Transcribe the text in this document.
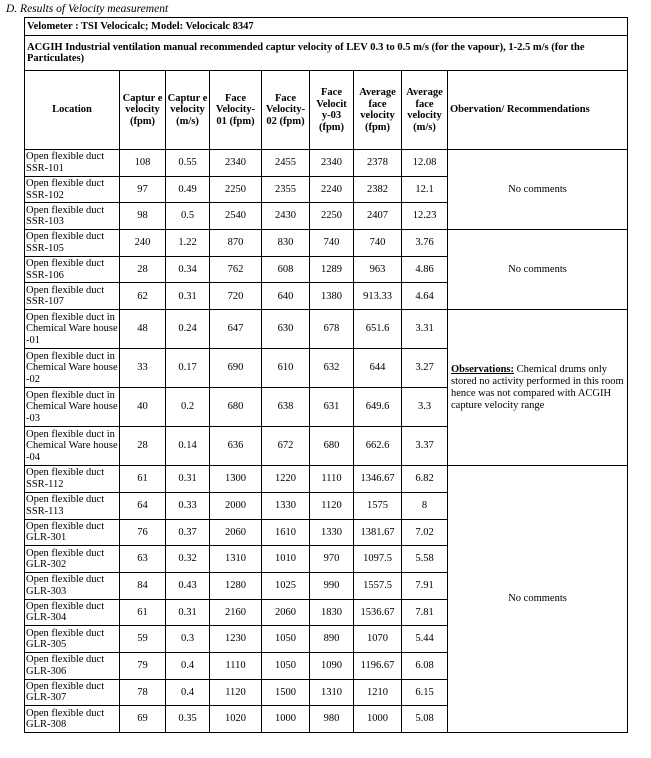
D. Results of Velocity measurement
Velometer : TSI Velocicalc; Model: Velocicalc 8347								
ACGIH Industrial ventilation manual recommended captur velocity of LEV 0.3 to 0.5 m/s (for the vapour), 1-2.5 m/s (for the Particulates)								
Location	Captur e velocity (fpm)	Captur e velocity (m/s)	Face Velocity-01 (fpm)	Face Velocity-02 (fpm)	Face Velocit y-03 (fpm)	Average face velocity (fpm)	Average face velocity (m/s)	Obervation/ Recommendations
Open flexible duct SSR-101	108	0.55	2340	2455	2340	2378	12.08	No comments
Open flexible duct SSR-102	97	0.49	2250	2355	2240	2382	12.1	
Open flexible duct SSR-103	98	0.5	2540	2430	2250	2407	12.23	
Open flexible duct SSR-105	240	1.22	870	830	740	740	3.76	No comments
Open flexible duct SSR-106	28	0.34	762	608	1289	963	4.86	
Open flexible duct SSR-107	62	0.31	720	640	1380	913.33	4.64	
Open flexible duct in Chemical Ware house -01	48	0.24	647	630	678	651.6	3.31	Observations: Chemical drums only stored no activity performed in this room hence was not compared with ACGIH capture velocity range
Open flexible duct in Chemical Ware house -02	33	0.17	690	610	632	644	3.27	
Open flexible duct in Chemical Ware house -03	40	0.2	680	638	631	649.6	3.3	
Open flexible duct in Chemical Ware house -04	28	0.14	636	672	680	662.6	3.37	
Open flexible duct SSR-112	61	0.31	1300	1220	1110	1346.67	6.82	No comments
Open flexible duct SSR-113	64	0.33	2000	1330	1120	1575	8	
Open flexible duct GLR-301	76	0.37	2060	1610	1330	1381.67	7.02	
Open flexible duct GLR-302	63	0.32	1310	1010	970	1097.5	5.58	
Open flexible duct GLR-303	84	0.43	1280	1025	990	1557.5	7.91	
Open flexible duct GLR-304	61	0.31	2160	2060	1830	1536.67	7.81	
Open flexible duct GLR-305	59	0.3	1230	1050	890	1070	5.44	
Open flexible duct GLR-306	79	0.4	1110	1050	1090	1196.67	6.08	
Open flexible duct GLR-307	78	0.4	1120	1500	1310	1210	6.15	
Open flexible duct GLR-308	69	0.35	1020	1000	980	1000	5.08	
